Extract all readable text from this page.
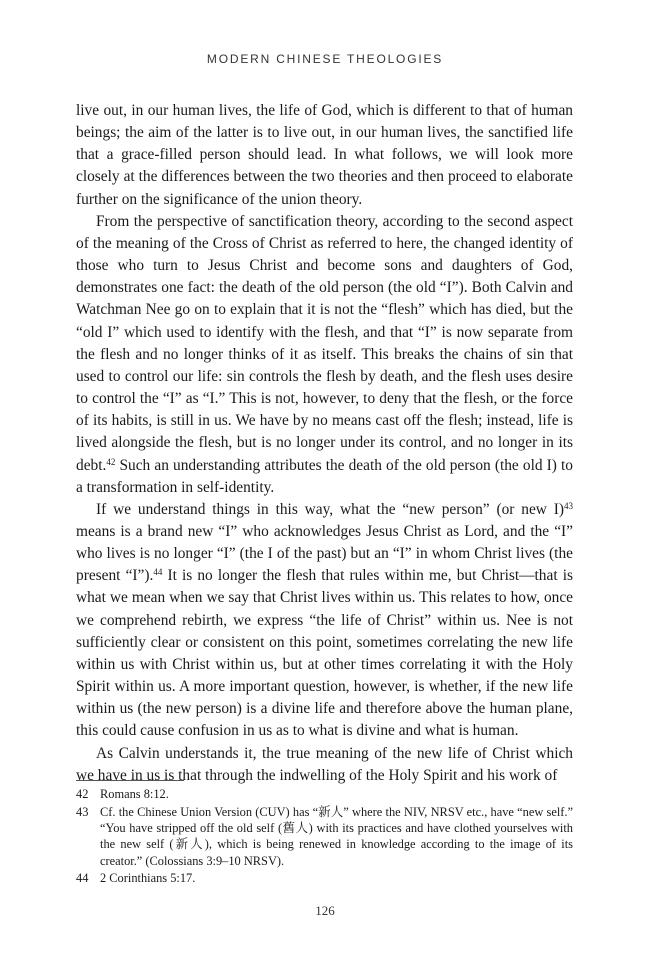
MODERN CHINESE THEOLOGIES

live out, in our human lives, the life of God, which is different to that of human beings; the aim of the latter is to live out, in our human lives, the sanctified life that a grace-filled person should lead. In what follows, we will look more closely at the differences between the two theories and then proceed to elaborate further on the significance of the union theory.

From the perspective of sanctification theory, according to the second aspect of the meaning of the Cross of Christ as referred to here, the changed identity of those who turn to Jesus Christ and become sons and daughters of God, demonstrates one fact: the death of the old person (the old “I”). Both Calvin and Watchman Nee go on to explain that it is not the “flesh” which has died, but the “old I” which used to identify with the flesh, and that “I” is now separate from the flesh and no longer thinks of it as itself. This breaks the chains of sin that used to control our life: sin controls the flesh by death, and the flesh uses desire to control the “I” as “I.” This is not, however, to deny that the flesh, or the force of its habits, is still in us. We have by no means cast off the flesh; instead, life is lived alongside the flesh, but is no longer under its control, and no longer in its debt.$^{42}$ Such an understanding attributes the death of the old person (the old I) to a transformation in self-identity.

If we understand things in this way, what the “new person” (or new I)$^{43}$ means is a brand new “I” who acknowledges Jesus Christ as Lord, and the “I” who lives is no longer “I” (the I of the past) but an “I” in whom Christ lives (the present “I”).$^{44}$ It is no longer the flesh that rules within me, but Christ—that is what we mean when we say that Christ lives within us. This relates to how, once we comprehend rebirth, we express “the life of Christ” within us. Nee is not sufficiently clear or consistent on this point, sometimes correlating the new life within us with Christ within us, but at other times correlating it with the Holy Spirit within us. A more important question, however, is whether, if the new life within us (the new person) is a divine life and therefore above the human plane, this could cause confusion in us as to what is divine and what is human.

As Calvin understands it, the true meaning of the new life of Christ which we have in us is that through the indwelling of the Holy Spirit and his work of

42 Romans 8:12.
43 Cf. the Chinese Union Version (CUV) has “新人” where the NIV, NRSV etc., have “new self.” “You have stripped off the old self (舊人) with its practices and have clothed yourselves with the new self (新人), which is being renewed in knowledge according to the image of its creator.” (Colossians 3:9–10 NRSV).
44 2 Corinthians 5:17.
126
